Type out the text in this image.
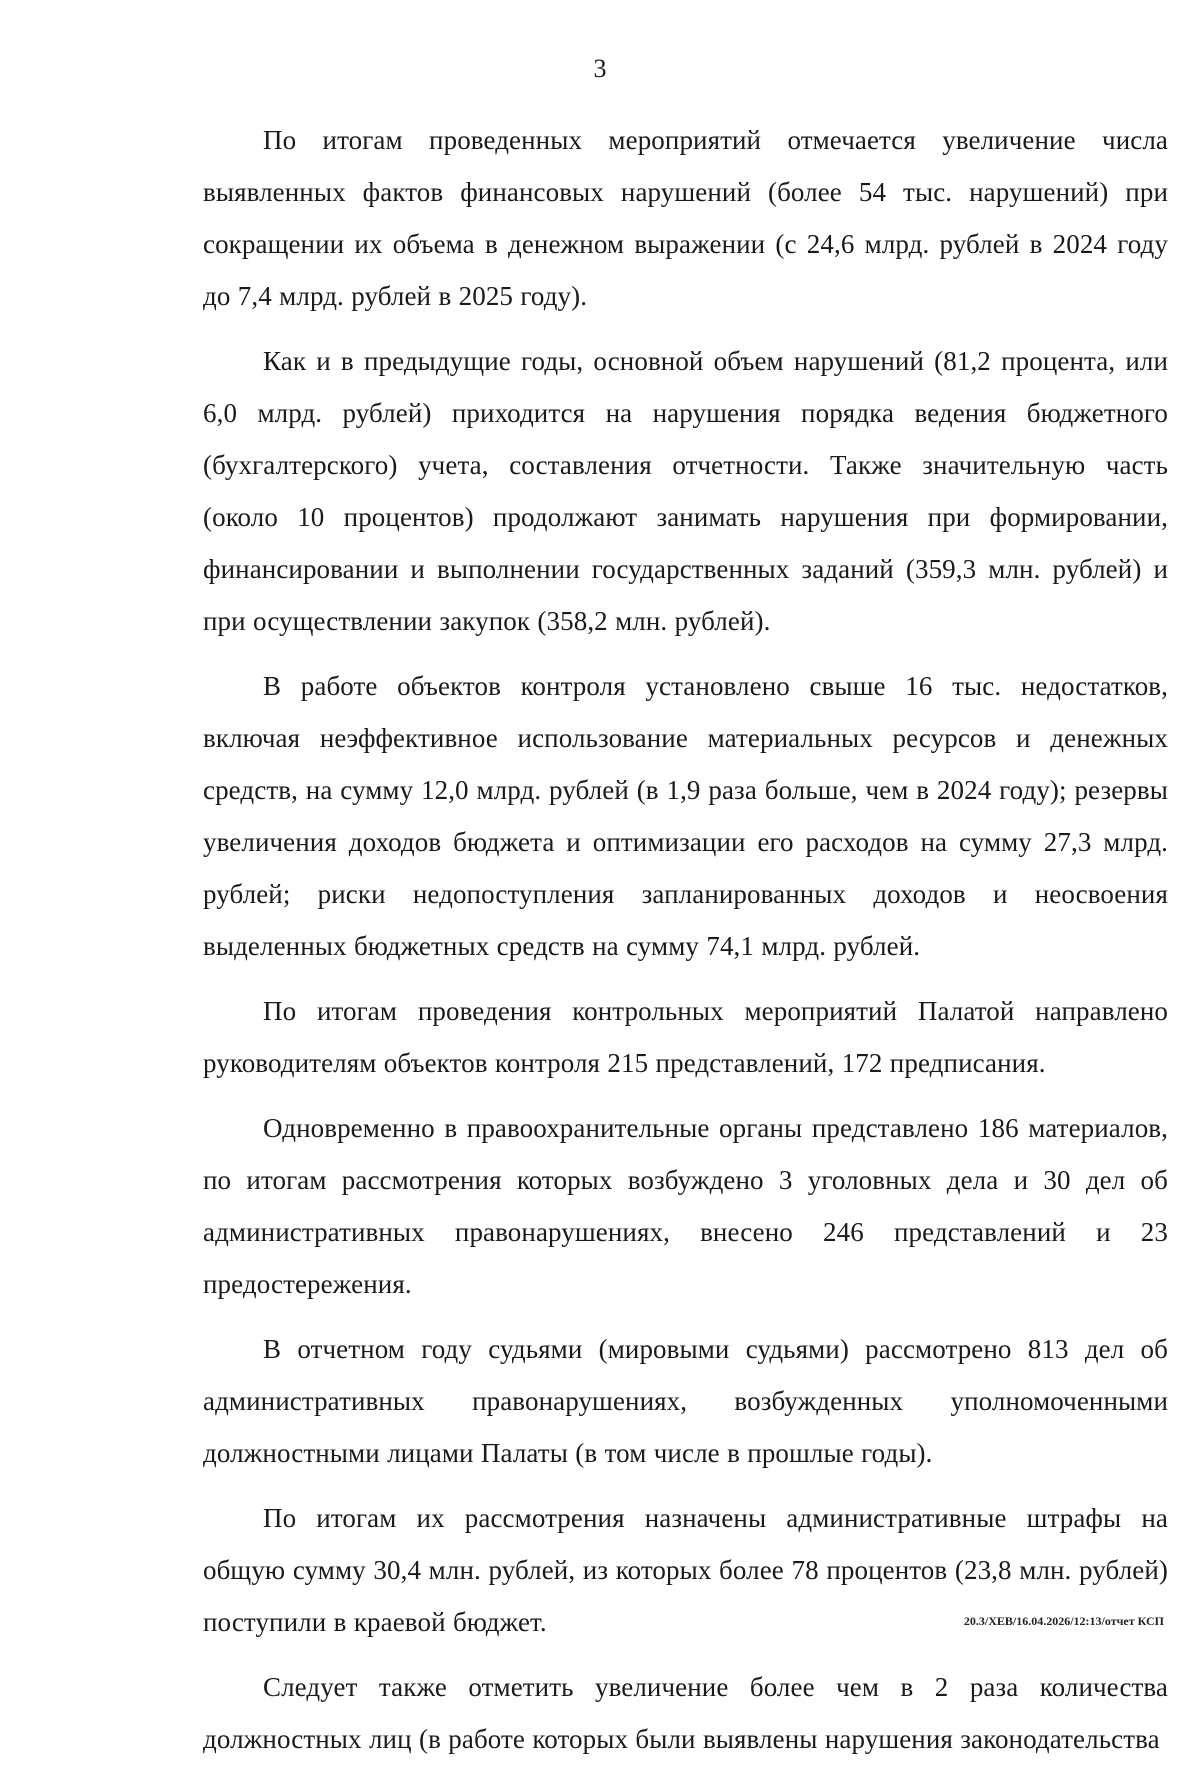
3

По итогам проведенных мероприятий отмечается увеличение числа выявленных фактов финансовых нарушений (более 54 тыс. нарушений) при сокращении их объема в денежном выражении (с 24,6 млрд. рублей в 2024 году до 7,4 млрд. рублей в 2025 году).

Как и в предыдущие годы, основной объем нарушений (81,2 процента, или 6,0 млрд. рублей) приходится на нарушения порядка ведения бюджетного (бухгалтерского) учета, составления отчетности. Также значительную часть (около 10 процентов) продолжают занимать нарушения при формировании, финансировании и выполнении государственных заданий (359,3 млн. рублей) и при осуществлении закупок (358,2 млн. рублей).

В работе объектов контроля установлено свыше 16 тыс. недостатков, включая неэффективное использование материальных ресурсов и денежных средств, на сумму 12,0 млрд. рублей (в 1,9 раза больше, чем в 2024 году); резервы увеличения доходов бюджета и оптимизации его расходов на сумму 27,3 млрд. рублей; риски недопоступления запланированных доходов и неосвоения выделенных бюджетных средств на сумму 74,1 млрд. рублей.

По итогам проведения контрольных мероприятий Палатой направлено руководителям объектов контроля 215 представлений, 172 предписания.

Одновременно в правоохранительные органы представлено 186 материалов, по итогам рассмотрения которых возбуждено 3 уголовных дела и 30 дел об административных правонарушениях, внесено 246 представлений и 23 предостережения.

В отчетном году судьями (мировыми судьями) рассмотрено 813 дел об административных правонарушениях, возбужденных уполномоченными должностными лицами Палаты (в том числе в прошлые годы).

По итогам их рассмотрения назначены административные штрафы на общую сумму 30,4 млн. рублей, из которых более 78 процентов (23,8 млн. рублей) поступили в краевой бюджет.

Следует также отметить увеличение более чем в 2 раза количества должностных лиц (в работе которых были выявлены нарушения законодательства

20.3/ХЕВ/16.04.2026/12:13/отчет КСП
